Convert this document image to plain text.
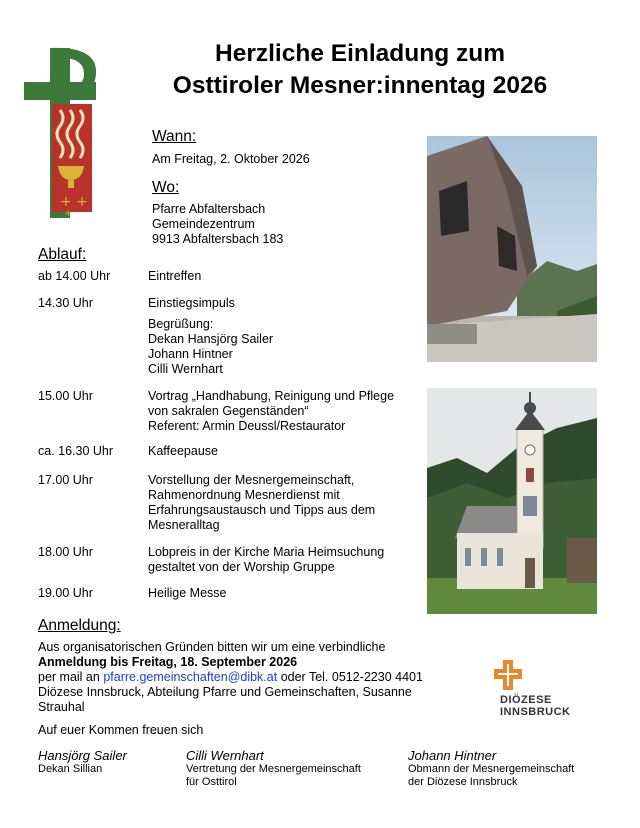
+ +
+
Herzliche Einladung zum
Osttiroler Mesner:innentag 2026
Wann:
Am Freitag, 2. Oktober 2026
Wo:
Pfarre Abfaltersbach
Gemeindezentrum
9913 Abfaltersbach 183
Ablauf:
ab 14.00 Uhr	Eintreffen
14.30 Uhr	Einstiegsimpuls
Begrüßung:
Dekan Hansjörg Sailer
Johann Hintner
Cilli Wernhart
15.00 Uhr	Vortrag „Handhabung, Reinigung und Pflege
von sakralen Gegenständen“
Referent: Armin Deussl/Restaurator
ca. 16.30 Uhr	Kaffeepause
17.00 Uhr	Vorstellung der Mesnergemeinschaft,
Rahmenordnung Mesnerdienst mit
Erfahrungsaustausch und Tipps aus dem
Mesneralltag
18.00 Uhr	Lobpreis in der Kirche Maria Heimsuchung
gestaltet von der Worship Gruppe
19.00 Uhr	Heilige Messe
Anmeldung:
Aus organisatorischen Gründen bitten wir um eine verbindliche
Anmeldung bis Freitag, 18. September 2026
per mail an pfarre.gemeinschaften@dibk.at oder Tel. 0512-2230 4401
Diözese Innsbruck, Abteilung Pfarre und Gemeinschaften, Susanne Strauhal	DIÖZESE
INNSBRUCK
Auf euer Kommen freuen sich
Hansjörg Sailer
Dekan Sillian
Cilli Wernhart
Vertretung der Mesnergemeinschaft
für Osttirol
Johann Hintner
Obmann der Mesnergemeinschaft
der Diözese Innsbruck
